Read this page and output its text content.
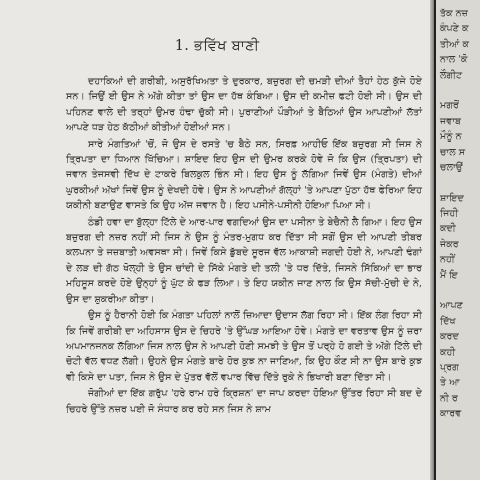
1. ਭਵਿੱਖ ਬਾਣੀ

ਦਹਾਕਿਆਂ ਦੀ ਗਰੀਬੀ, ਅਸੁਰੱਖਿਅਤਾ ਤੇ ਦੁਰਕਾਰ, ਬਜ਼ੁਰਗ ਦੀ ਚਮੜੀ ਦੀਆਂ ਤੈਹਾਂ ਹੇਠ ਕੁੱਜੇ ਹੋਏ ਸਨ। ਜਿਉਂ ਈ ਉਸ ਨੇ ਅੱਗੇ ਕੀਤਾ ਤਾਂ ਉਸ ਦਾ ਹੱਥ ਕੰਬਿਆ। ਉਸ ਦੀ ਕਮੀਜ਼ ਫਟੀ ਹੋਈ ਸੀ। ਉਸ ਦੀ ਪਹਿਨਣ ਵਾਲੇ ਦੀ ਤਰ੍ਹਾਂ ਉਮਰ ਹੰਢਾ ਚੁੱਕੀ ਸੀ। ਪੁਰਾਣੀਆਂ ਪੌੜੀਆਂ ਤੇ ਬੈਠਿਆਂ ਉਸ ਆਪਣੀਆਂ ਲੱਤਾਂ ਆਪਣੇ ਧੜ ਹੇਠ ਕੱਠੀਆਂ ਕੀਤੀਆਂ ਹੋਈਆਂ ਸਨ।

ਸਾਰੇ ਮੰਗਤਿਆਂ 'ਚੋਂ, ਜੋ ਉਸ ਦੇ ਰਸਤੇ 'ਚ ਬੈਠੇ ਸਨ, ਸਿਰਫ਼ ਆਹੀਓ ਇੱਕ ਬਜ਼ੁਰਗ ਸੀ ਜਿਸ ਨੇ ਤ੍ਰਿਪਤਾ ਦਾ ਧਿਆਨ ਖਿੱਚਿਆ। ਸ਼ਾਇਦ ਇਹ ਉਸ ਦੀ ਉਮਰ ਕਰਕੇ ਹੋਵੇ ਜੋ ਕਿ ਉਸ (ਤ੍ਰਿਪਤਾ) ਦੀ ਜਵਾਨ ਤੇਜਸਵੀ ਦਿੱਖ ਦੇ ਟਾਕਰੇ ਬਿਲਕੁਲ ਭਿੰਨ ਸੀ। ਇਹ ਉਸ ਨੂੰ ਲੱਗਿਆ ਜਿਵੇਂ ਉਸ (ਮੰਗਤੇ) ਦੀਆਂ ਘੁਰਕੀਆਂ ਅੱਖਾਂ ਜਿਵੇਂ ਉਸ ਨੂੰ ਦੇਖਦੀ ਹੋਵੇ। ਉਸ ਨੇ ਆਪਣੀਆਂ ਗੱਲ੍ਹਾਂ 'ਤੇ ਆਪਣਾ ਪੁੱਠਾ ਹੱਥ ਫੇਰਿਆ ਇਹ ਯਕੀਨੀ ਬਣਾਉਣ ਵਾਸਤੇ ਕਿ ਉਹ ਅੱਜ ਜਵਾਨ ਹੈ। ਇਹ ਪਸੀਨੇ-ਪਸੀਨੀ ਹੋਇਆ ਪਿਆ ਸੀ।

ਠੰਡੀ ਹਵਾ ਦਾ ਬੁੱਲ੍ਹਾ ਟਿੱਲੇ ਦੇ ਆਰ-ਪਾਰ ਵਗਦਿਆਂ ਉਸ ਦਾ ਪਸੀਨਾ ਤੇ ਬੇਚੈਨੀ ਲੈ ਗਿਆ। ਇਹ ਉਸ ਬਜ਼ੁਰਗ ਦੀ ਨਜ਼ਰ ਨਹੀਂ ਸੀ ਜਿਸ ਨੇ ਉਸ ਨੂੰ ਮੰਤਰ-ਮੁਗਧ ਕਰ ਦਿੱਤਾ ਸੀ ਸਗੋਂ ਉਸ ਦੀ ਆਪਣੀ ਤੀਬਰ ਕਲਪਨਾ ਤੇ ਜਜ਼ਬਾਤੀ ਅਵਸਥਾ ਸੀ। ਜਿਵੇਂ ਕਿਸੇ ਡੁੱਬਦੇ ਸੂਰਜ ਵੱਲ ਆਕਾਸ਼ੀ ਜਗਦੀ ਹੋਈ ਨੇ, ਆਪਣੀ ਢੰਗਾਂ ਦੇ ਲੜ ਦੀ ਗੱਠ ਖੋਲ੍ਹੀ ਤੇ ਉਸ ਚਾਂਦੀ ਦੇ ਸਿੱਕੇ ਮੰਗਤੇ ਦੀ ਤਲੀ 'ਤੇ ਧਰ ਦਿੱਤੇ, ਜਿਸਨੇ ਸਿੱਕਿਆਂ ਦਾ ਭਾਰ ਮਹਿਸੂਸ ਕਰਦੇ ਹੋਏ ਉਨ੍ਹਾਂ ਨੂੰ ਘੁੱਟ ਕੇ ਫੜ ਲਿਆ। ਤੇ ਇਹ ਯਕੀਨ ਜਾਣ ਨਾਲ ਕਿ ਉਸ ਸੱਚੀ-ਮੁੱਚੀ ਦੇ ਨੇ, ਉਸ ਦਾ ਸ਼ੁਕਰੀਆ ਕੀਤਾ।

ਉਸ ਨੂੰ ਹੈਰਾਨੀ ਹੋਈ ਕਿ ਮੰਗਤਾ ਪਹਿਲਾਂ ਨਾਲੋਂ ਜ਼ਿਆਦਾ ਉਦਾਸ ਲੱਗ ਰਿਹਾ ਸੀ। ਇੱਕ ਲੰਗ ਰਿਹਾ ਸੀ ਕਿ ਜਿਵੇਂ ਗਰੀਬੀ ਦਾ ਅਹਿਸਾਸ ਉਸ ਦੇ ਚਿਹਰੇ 'ਤੇ ਉੱਘੜ ਆਇਆ ਹੋਵੇ। ਮੰਗਤੇ ਦਾ ਵਰਤਾਵ ਉਸ ਨੂੰ ਜ਼ਰਾ ਅਪਮਾਨਜਨਕ ਲੱਗਿਆ ਜਿਸ ਨਾਲ ਉਸ ਨੇ ਆਪਣੀ ਹੋਣੀ ਸਮਝੀ ਤੇ ਉਸ ਤੋਂ ਪਰ੍ਹੇ ਹੋ ਗਈ ਤੇ ਅੱਗੇ ਟਿੱਲੇ ਦੀ ਚੋਟੀ ਵੱਲ ਵਧਣ ਲੱਗੀ। ਉਹਨੇ ਉਸ ਮੰਗਤੇ ਬਾਰੇ ਹੋਰ ਕੁਝ ਨਾ ਜਾਣਿਆ, ਕਿ ਉਹ ਕੌਣ ਸੀ ਨਾ ਉਸ ਬਾਰੇ ਕੁਝ ਵੀ ਕਿਸੇ ਦਾ ਪਤਾ, ਜਿਸ ਨੇ ਉਸ ਦੇ ਪੁੱਤਰ ਵੱਲੋਂ ਵਪਾਰ ਵਿੱਚ ਦਿੱਤੇ ਰੁਕੇ ਨੇ ਭਿਖਾਰੀ ਬਣਾ ਦਿੱਤਾ ਸੀ।

ਜੋਗੀਆਂ ਦਾ ਇੱਕ ਗਰੁੱਪ 'ਹਰੇ ਰਾਮ ਹਰੇ ਕ੍ਰਿਸ਼ਨ' ਦਾ ਜਾਪ ਕਰਦਾ ਹੋਇਆ ਉੱਤਰ ਰਿਹਾ ਸੀ ਬਦ ਦੇ ਚਿਹਰੇ ਉੱਤੇ ਨਜ਼ਰ ਪਈ ਜੋ ਸੰਧਾਰ ਕਰ ਰਹੇ ਸਨ ਜਿਸ ਨੇ ਸ਼ਾਮ

ਤੱਕ ਨਜ਼
ਕੰਪਣੇ ਕ
ਤੀਆਂ ਕ
ਨਾਲ 'ਕੋ
ਲੌਗੀਟ
ਮਗਰੋਂ
ਜਵਾਬ
ਮੌਨੂੰ ਨ
ਚਾਲ ਸ
ਚਲਾਉਂ
ਸ਼ਾਇਦ
ਜਿਹੀ
ਕਦੀ
ਜੇਕਰ
ਨਹੀਂ
ਮੈਂ ਇ
ਆਪਣ
ਦਿੱਖ
ਕਰਦ
ਕਹੀ
ਪ੍ਰਗ
ਤੇ ਆ
ਨੀ ਰ
ਕਾਰਵ
